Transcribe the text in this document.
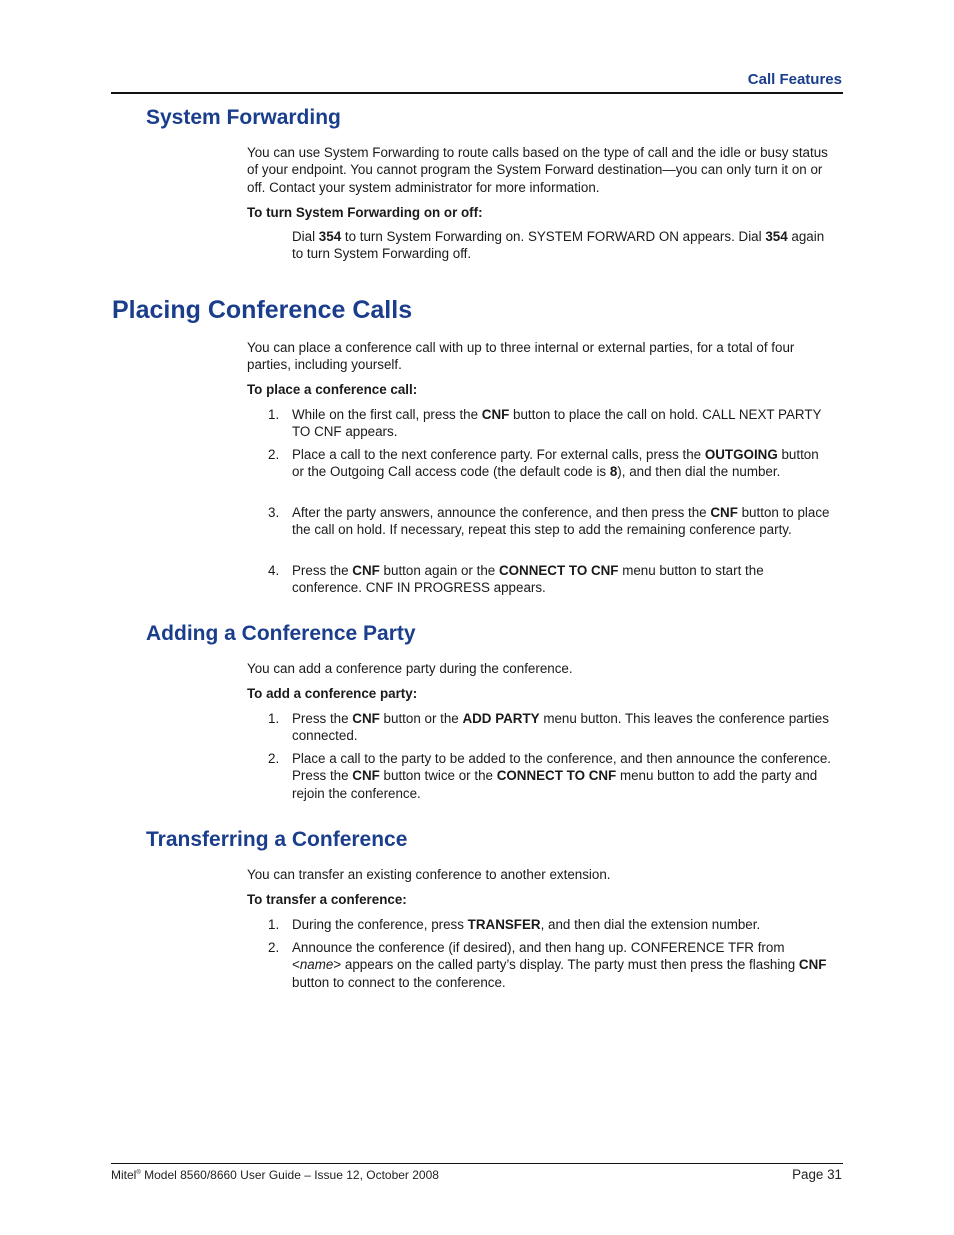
Call Features
System Forwarding

You can use System Forwarding to route calls based on the type of call and the idle or busy status of your endpoint. You cannot program the System Forward destination—you can only turn it on or off. Contact your system administrator for more information.

To turn System Forwarding on or off:

Dial 354 to turn System Forwarding on. SYSTEM FORWARD ON appears. Dial 354 again to turn System Forwarding off.

Placing Conference Calls

You can place a conference call with up to three internal or external parties, for a total of four parties, including yourself.

To place a conference call:

1. While on the first call, press the CNF button to place the call on hold. CALL NEXT PARTY TO CNF appears.
2. Place a call to the next conference party. For external calls, press the OUTGOING button or the Outgoing Call access code (the default code is 8), and then dial the number.
3. After the party answers, announce the conference, and then press the CNF button to place the call on hold. If necessary, repeat this step to add the remaining conference party.
4. Press the CNF button again or the CONNECT TO CNF menu button to start the conference. CNF IN PROGRESS appears.
Adding a Conference Party

You can add a conference party during the conference.

To add a conference party:

1. Press the CNF button or the ADD PARTY menu button. This leaves the conference parties connected.
2. Place a call to the party to be added to the conference, and then announce the conference. Press the CNF button twice or the CONNECT TO CNF menu button to add the party and rejoin the conference.
Transferring a Conference

You can transfer an existing conference to another extension.

To transfer a conference:

1. During the conference, press TRANSFER, and then dial the extension number.
2. Announce the conference (if desired), and then hang up. CONFERENCE TFR from <name> appears on the called party’s display. The party must then press the flashing CNF button to connect to the conference.
Mitel® Model 8560/8660 User Guide – Issue 12, October 2008	Page 31
